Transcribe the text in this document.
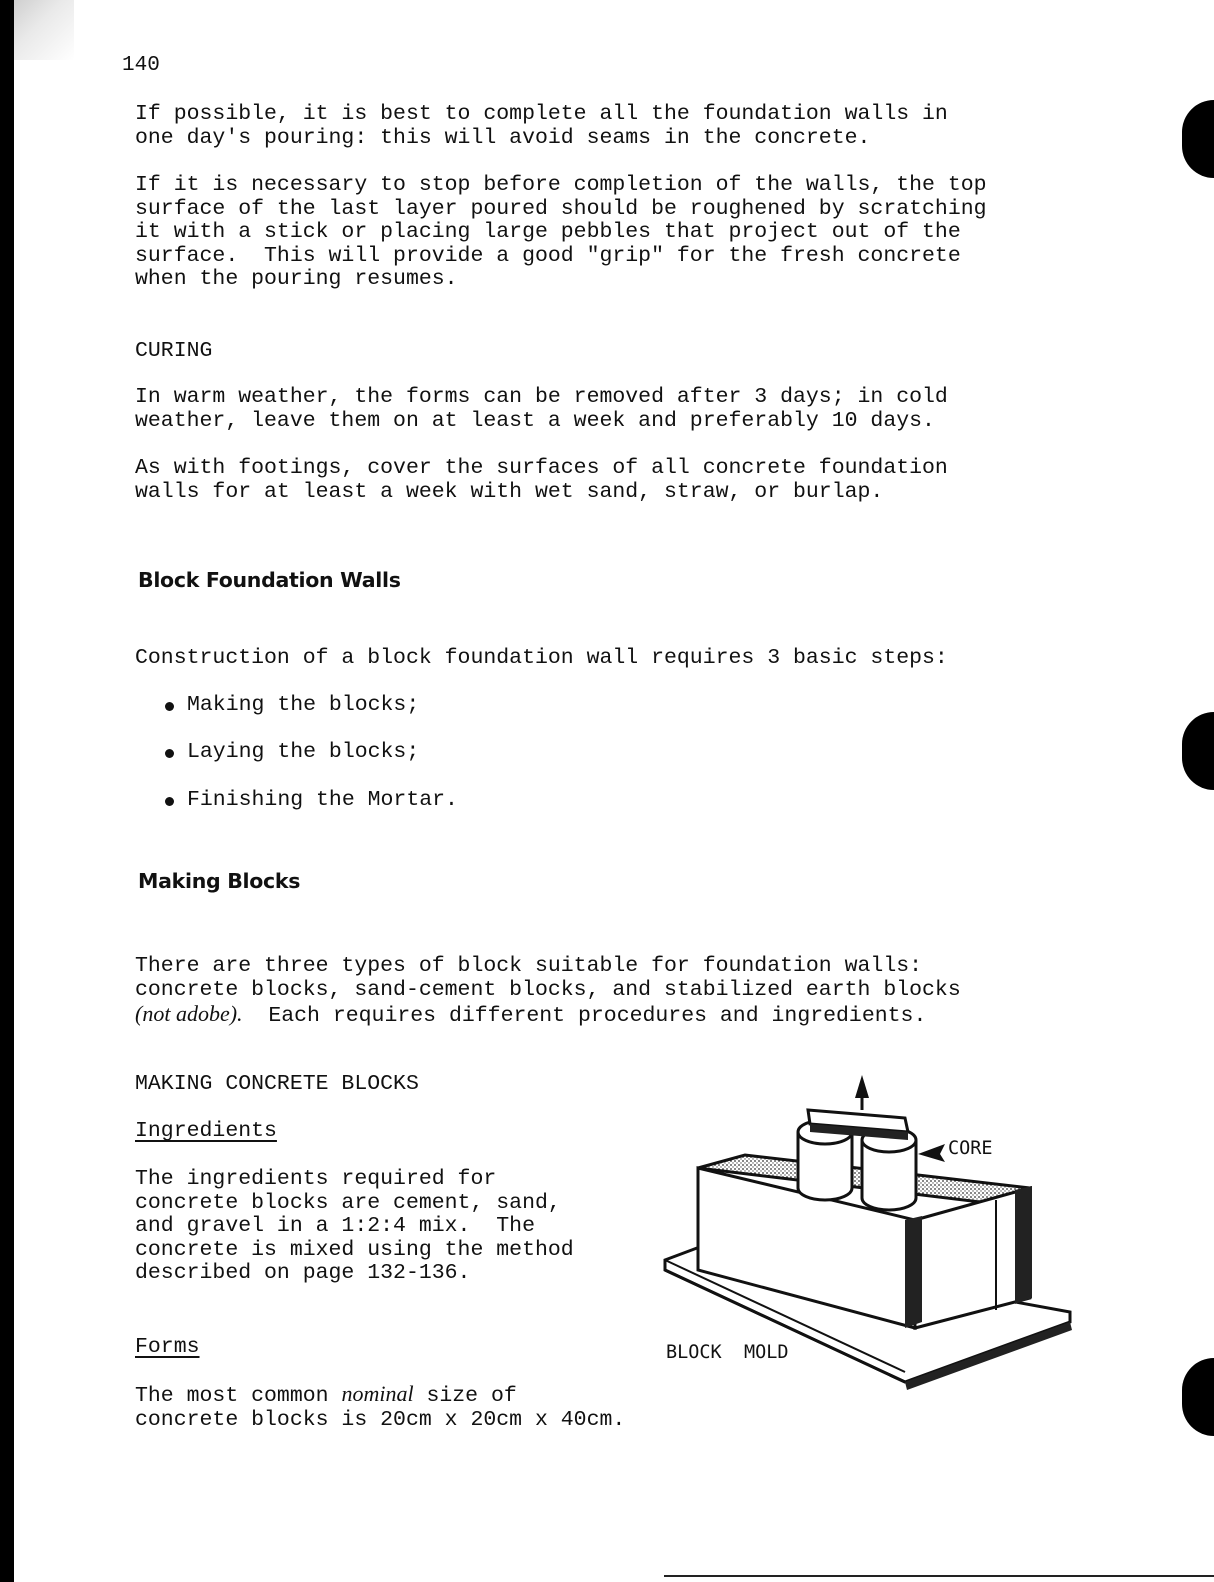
140
If possible, it is best to complete all the foundation walls in
one day's pouring: this will avoid seams in the concrete.
If it is necessary to stop before completion of the walls, the top
surface of the last layer poured should be roughened by scratching
it with a stick or placing large pebbles that project out of the
surface.  This will provide a good "grip" for the fresh concrete
when the pouring resumes.
CURING
In warm weather, the forms can be removed after 3 days; in cold
weather, leave them on at least a week and preferably 10 days.
As with footings, cover the surfaces of all concrete foundation
walls for at least a week with wet sand, straw, or burlap.
Block Foundation Walls
Construction of a block foundation wall requires 3 basic steps:
Making the blocks;
Laying the blocks;
Finishing the Mortar.
Making Blocks
There are three types of block suitable for foundation walls:
concrete blocks, sand-cement blocks, and stabilized earth blocks
(not adobe).  Each requires different procedures and ingredients.
MAKING CONCRETE BLOCKS
Ingredients
The ingredients required for
concrete blocks are cement, sand,
and gravel in a 1:2:4 mix.  The
concrete is mixed using the method
described on page 132-136.
Forms
The most common nominal size of
concrete blocks is 20cm x 20cm x 40cm.
CORE
BLOCK  MOLD
